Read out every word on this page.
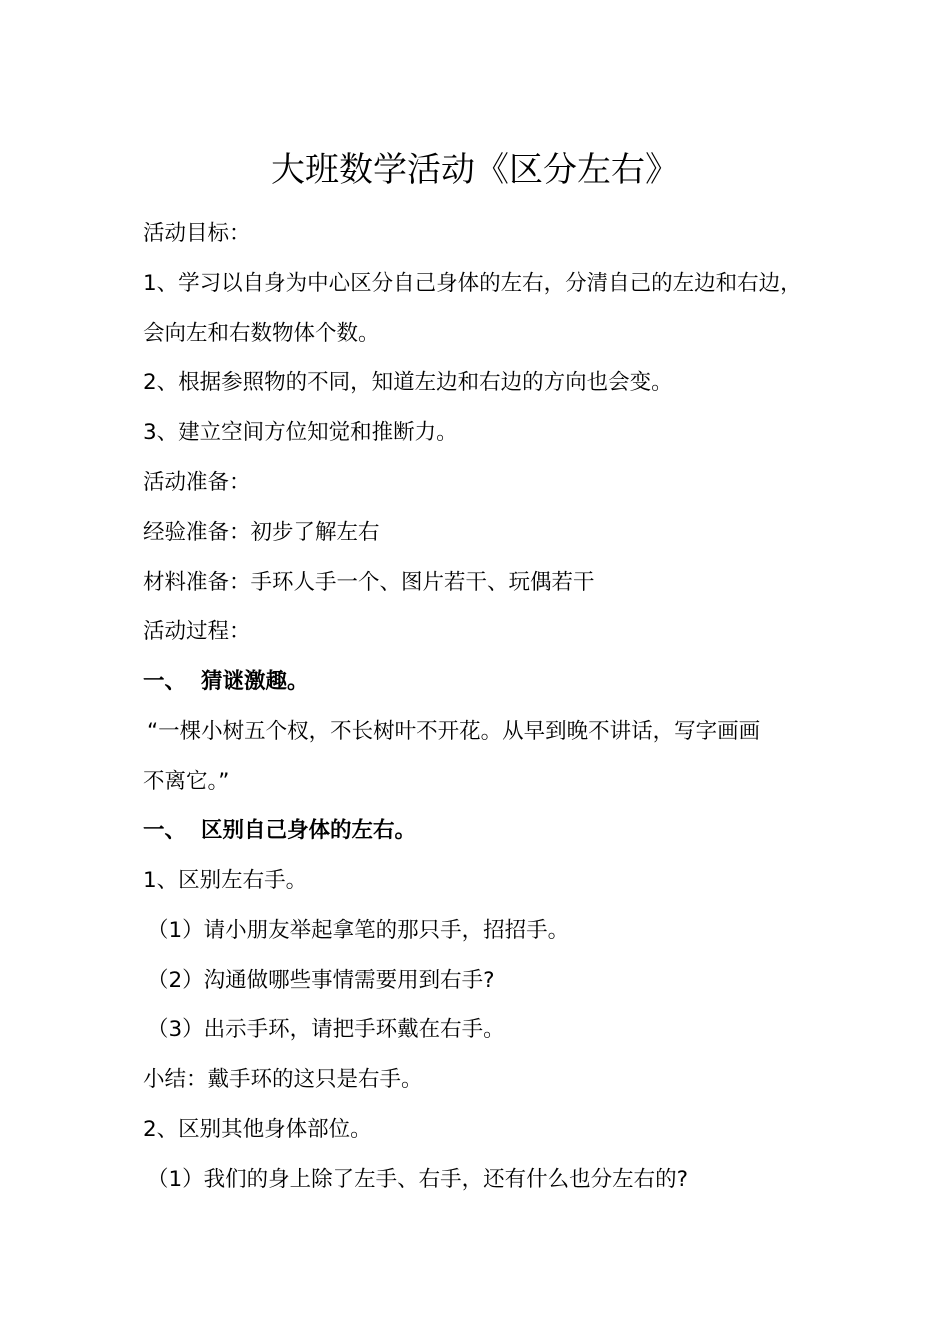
大班数学活动《区分左右》
活动目标：
1、学习以自身为中心区分自己身体的左右，分清自己的左边和右边，
会向左和右数物体个数。
2、根据参照物的不同，知道左边和右边的方向也会变。
3、建立空间方位知觉和推断力。
活动准备：
经验准备：初步了解左右
材料准备：手环人手一个、图片若干、玩偶若干
活动过程：
一、 猜谜激趣。
“一棵小树五个杈，不长树叶不开花。从早到晚不讲话，写字画画
不离它。”
一、 区别自己身体的左右。
1、区别左右手。
（1）请小朋友举起拿笔的那只手，招招手。
（2）沟通做哪些事情需要用到右手?
（3）出示手环，请把手环戴在右手。
小结：戴手环的这只是右手。
2、区别其他身体部位。
（1）我们的身上除了左手、右手，还有什么也分左右的?
